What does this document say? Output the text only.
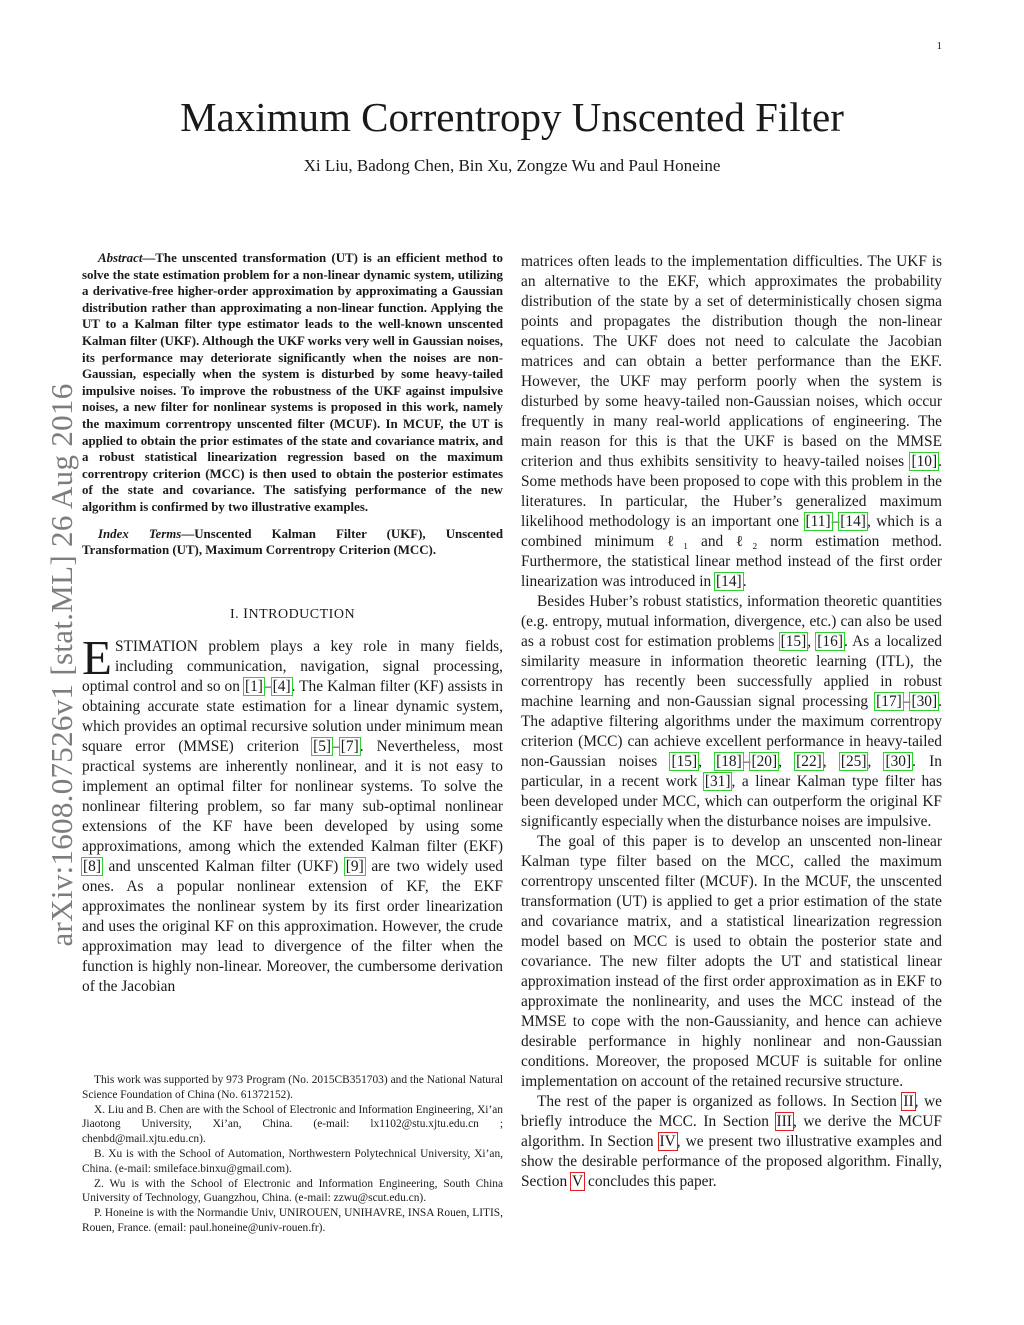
1
arXiv:1608.07526v1 [stat.ML] 26 Aug 2016
Maximum Correntropy Unscented Filter
Xi Liu, Badong Chen, Bin Xu, Zongze Wu and Paul Honeine

Abstract—The unscented transformation (UT) is an efficient method to solve the state estimation problem for a non-linear dynamic system, utilizing a derivative-free higher-order approximation by approximating a Gaussian distribution rather than approximating a non-linear function. Applying the UT to a Kalman filter type estimator leads to the well-known unscented Kalman filter (UKF). Although the UKF works very well in Gaussian noises, its performance may deteriorate significantly when the noises are non-Gaussian, especially when the system is disturbed by some heavy-tailed impulsive noises. To improve the robustness of the UKF against impulsive noises, a new filter for nonlinear systems is proposed in this work, namely the maximum correntropy unscented filter (MCUF). In MCUF, the UT is applied to obtain the prior estimates of the state and covariance matrix, and a robust statistical linearization regression based on the maximum correntropy criterion (MCC) is then used to obtain the posterior estimates of the state and covariance. The satisfying performance of the new algorithm is confirmed by two illustrative examples.

Index Terms—Unscented Kalman Filter (UKF), Unscented Transformation (UT), Maximum Correntropy Criterion (MCC).

I. INTRODUCTION

ESTIMATION problem plays a key role in many fields, including communication, navigation, signal processing, optimal control and so on [1]–[4]. The Kalman filter (KF) assists in obtaining accurate state estimation for a linear dynamic system, which provides an optimal recursive solution under minimum mean square error (MMSE) criterion [5]–[7]. Nevertheless, most practical systems are inherently nonlinear, and it is not easy to implement an optimal filter for nonlinear systems. To solve the nonlinear filtering problem, so far many sub-optimal nonlinear extensions of the KF have been developed by using some approximations, among which the extended Kalman filter (EKF) [8] and unscented Kalman filter (UKF) [9] are two widely used ones. As a popular nonlinear extension of KF, the EKF approximates the nonlinear system by its first order linearization and uses the original KF on this approximation. However, the crude approximation may lead to divergence of the filter when the function is highly non-linear. Moreover, the cumbersome derivation of the Jacobian

This work was supported by 973 Program (No. 2015CB351703) and the National Natural Science Foundation of China (No. 61372152).

X. Liu and B. Chen are with the School of Electronic and Information Engineering, Xi’an Jiaotong University, Xi’an, China. (e-mail: lx1102@stu.xjtu.edu.cn ; chenbd@mail.xjtu.edu.cn).

B. Xu is with the School of Automation, Northwestern Polytechnical University, Xi’an, China. (e-mail: smileface.binxu@gmail.com).

Z. Wu is with the School of Electronic and Information Engineering, South China University of Technology, Guangzhou, China. (e-mail: zzwu@scut.edu.cn).

P. Honeine is with the Normandie Univ, UNIROUEN, UNIHAVRE, INSA Rouen, LITIS, Rouen, France. (email: paul.honeine@univ-rouen.fr).

matrices often leads to the implementation difficulties. The UKF is an alternative to the EKF, which approximates the probability distribution of the state by a set of deterministically chosen sigma points and propagates the distribution though the non-linear equations. The UKF does not need to calculate the Jacobian matrices and can obtain a better performance than the EKF. However, the UKF may perform poorly when the system is disturbed by some heavy-tailed non-Gaussian noises, which occur frequently in many real-world applications of engineering. The main reason for this is that the UKF is based on the MMSE criterion and thus exhibits sensitivity to heavy-tailed noises [10]. Some methods have been proposed to cope with this problem in the literatures. In particular, the Huber’s generalized maximum likelihood methodology is an important one [11]–[14], which is a combined minimum ℓ₁ and ℓ₂ norm estimation method. Furthermore, the statistical linear method instead of the first order linearization was introduced in [14].

Besides Huber’s robust statistics, information theoretic quantities (e.g. entropy, mutual information, divergence, etc.) can also be used as a robust cost for estimation problems [15], [16]. As a localized similarity measure in information theoretic learning (ITL), the correntropy has recently been successfully applied in robust machine learning and non-Gaussian signal processing [17]–[30]. The adaptive filtering algorithms under the maximum correntropy criterion (MCC) can achieve excellent performance in heavy-tailed non-Gaussian noises [15], [18]–[20], [22], [25], [30]. In particular, in a recent work [31], a linear Kalman type filter has been developed under MCC, which can outperform the original KF significantly especially when the disturbance noises are impulsive.

The goal of this paper is to develop an unscented non-linear Kalman type filter based on the MCC, called the maximum correntropy unscented filter (MCUF). In the MCUF, the unscented transformation (UT) is applied to get a prior estimation of the state and covariance matrix, and a statistical linearization regression model based on MCC is used to obtain the posterior state and covariance. The new filter adopts the UT and statistical linear approximation instead of the first order approximation as in EKF to approximate the nonlinearity, and uses the MCC instead of the MMSE to cope with the non-Gaussianity, and hence can achieve desirable performance in highly nonlinear and non-Gaussian conditions. Moreover, the proposed MCUF is suitable for online implementation on account of the retained recursive structure.

The rest of the paper is organized as follows. In Section II, we briefly introduce the MCC. In Section III, we derive the MCUF algorithm. In Section IV, we present two illustrative examples and show the desirable performance of the proposed algorithm. Finally, Section V concludes this paper.
